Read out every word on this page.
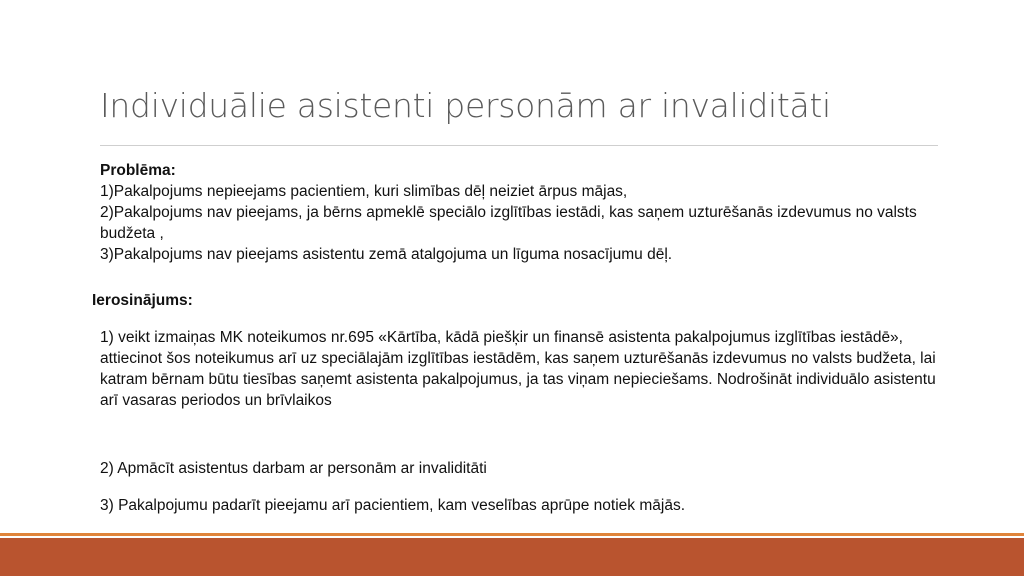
Individuālie asistenti personām ar invaliditāti
Problēma:
1)Pakalpojums nepieejams pacientiem, kuri slimības dēļ neiziet ārpus mājas,
2)Pakalpojums nav pieejams, ja bērns apmeklē speciālo izglītības iestādi, kas saņem uzturēšanās izdevumus no valsts budžeta ,
3)Pakalpojums nav pieejams asistentu zemā atalgojuma un līguma nosacījumu dēļ.
Ierosinājums:
1) veikt izmaiņas MK noteikumos nr.695 «Kārtība, kādā piešķir un finansē asistenta pakalpojumus izglītības iestādē», attiecinot šos noteikumus arī uz speciālajām izglītības iestādēm, kas saņem uzturēšanās izdevumus no valsts budžeta, lai katram bērnam būtu tiesības saņemt asistenta pakalpojumus, ja tas viņam nepieciešams. Nodrošināt individuālo asistentu arī vasaras periodos un brīvlaikos
2) Apmācīt asistentus darbam ar personām ar invaliditāti
3) Pakalpojumu padarīt pieejamu arī pacientiem, kam veselības aprūpe notiek mājās.
